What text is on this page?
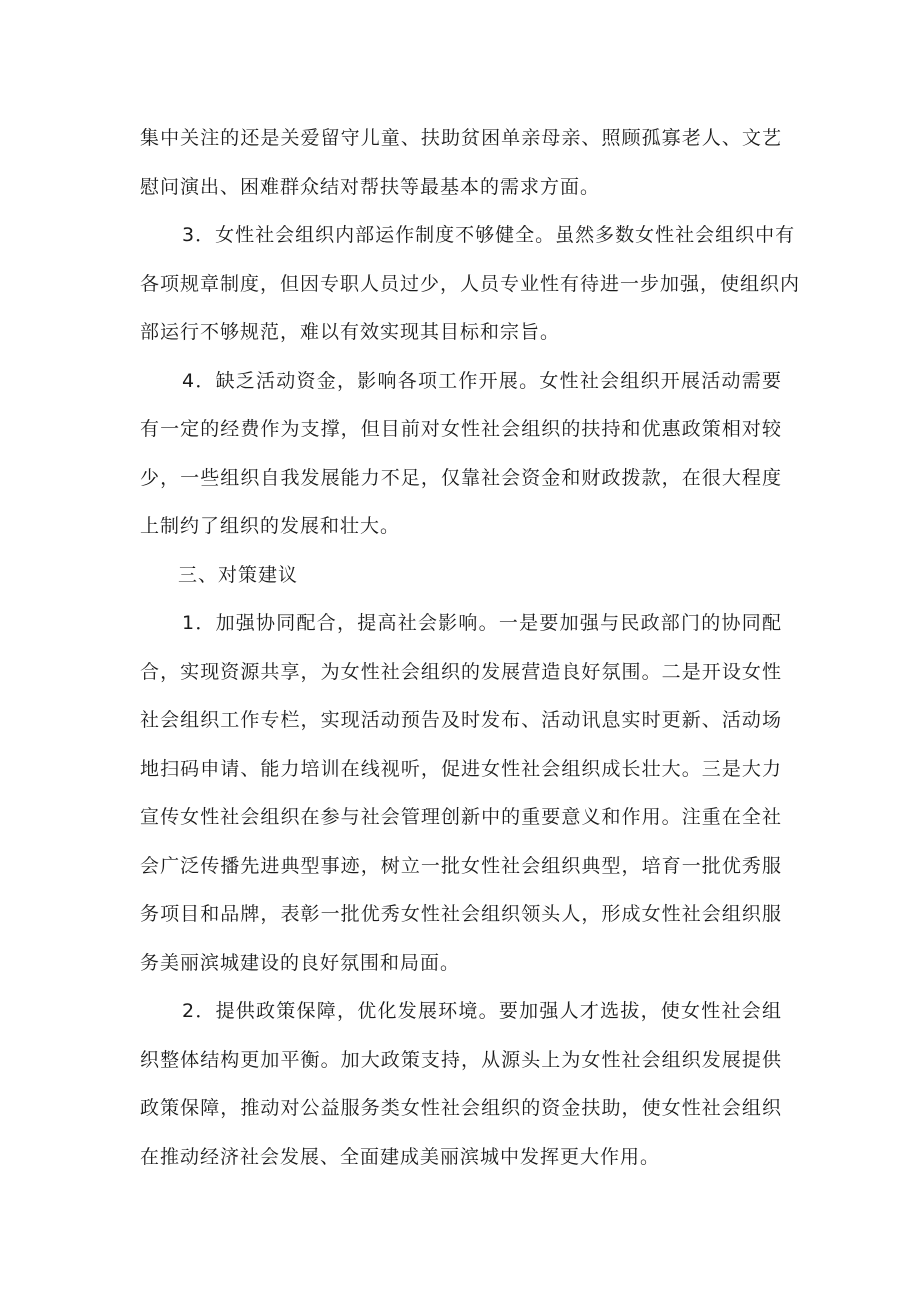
集中关注的还是关爱留守儿童、扶助贫困单亲母亲、照顾孤寡老人、文艺
慰问演出、困难群众结对帮扶等最基本的需求方面。

3．女性社会组织内部运作制度不够健全。虽然多数女性社会组织中有
各项规章制度，但因专职人员过少，人员专业性有待进一步加强，使组织内
部运行不够规范，难以有效实现其目标和宗旨。

4．缺乏活动资金，影响各项工作开展。女性社会组织开展活动需要
有一定的经费作为支撑，但目前对女性社会组织的扶持和优惠政策相对较
少，一些组织自我发展能力不足，仅靠社会资金和财政拨款，在很大程度
上制约了组织的发展和壮大。

三、对策建议

1．加强协同配合，提高社会影响。一是要加强与民政部门的协同配
合，实现资源共享，为女性社会组织的发展营造良好氛围。二是开设女性
社会组织工作专栏，实现活动预告及时发布、活动讯息实时更新、活动场
地扫码申请、能力培训在线视听，促进女性社会组织成长壮大。三是大力
宣传女性社会组织在参与社会管理创新中的重要意义和作用。注重在全社
会广泛传播先进典型事迹，树立一批女性社会组织典型，培育一批优秀服
务项目和品牌，表彰一批优秀女性社会组织领头人，形成女性社会组织服
务美丽滨城建设的良好氛围和局面。

2．提供政策保障，优化发展环境。要加强人才选拔，使女性社会组
织整体结构更加平衡。加大政策支持，从源头上为女性社会组织发展提供
政策保障，推动对公益服务类女性社会组织的资金扶助，使女性社会组织
在推动经济社会发展、全面建成美丽滨城中发挥更大作用。
